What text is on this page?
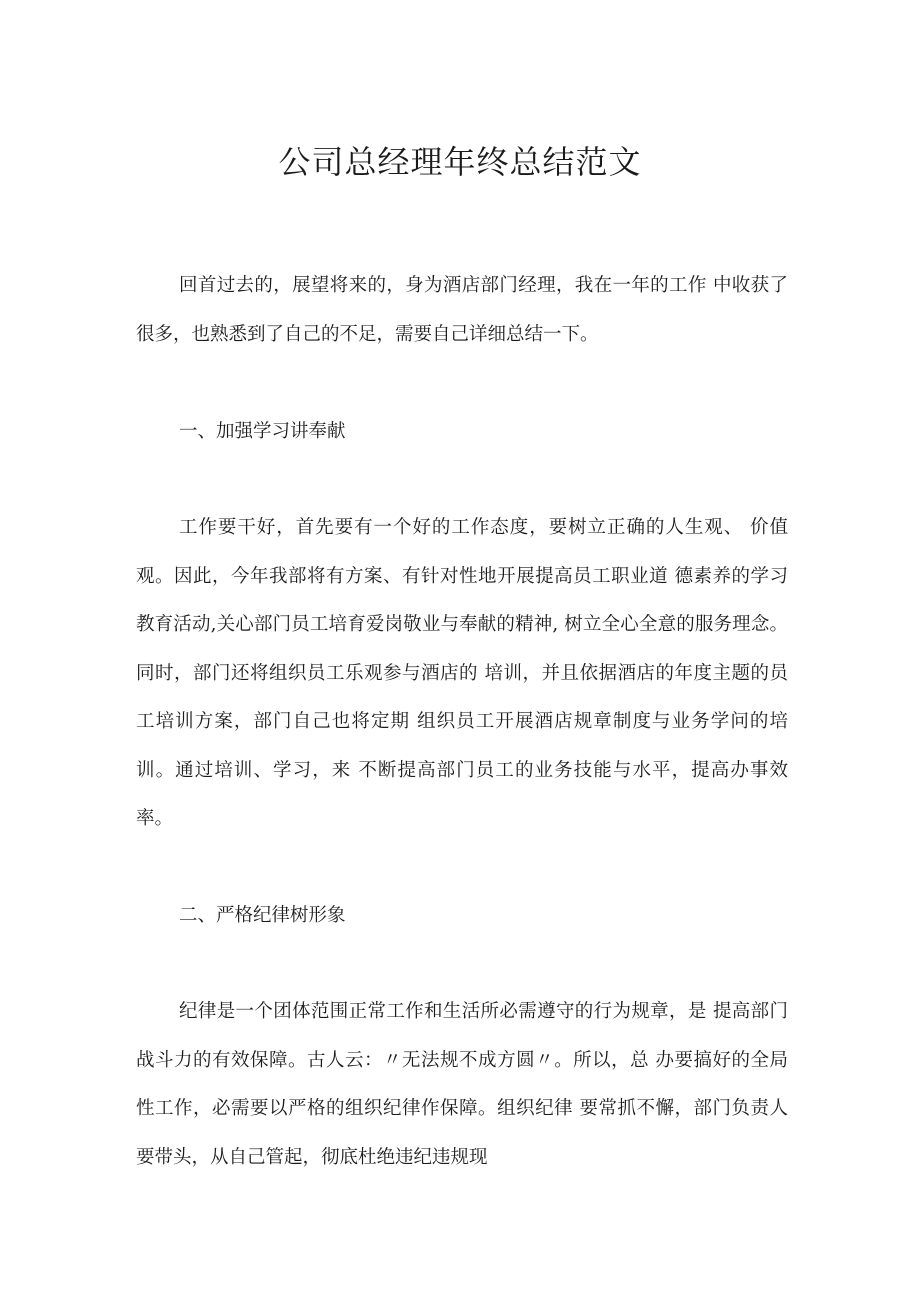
公司总经理年终总结范文
回首过去的，展望将来的，身为酒店部门经理，我在一年的工作 中收获了很多，也熟悉到了自己的不足，需要自己详细总结一下。
一、加强学习讲奉献
工作要干好，首先要有一个好的工作态度，要树立正确的人生观、 价值观。因此，今年我部将有方案、有针对性地开展提高员工职业道 德素养的学习教育活动,关心部门员工培育爱岗敬业与奉献的精神, 树立全心全意的服务理念。同时，部门还将组织员工乐观参与酒店的 培训，并且依据酒店的年度主题的员工培训方案，部门自己也将定期 组织员工开展酒店规章制度与业务学问的培训。通过培训、学习，来 不断提高部门员工的业务技能与水平，提高办事效率。
二、严格纪律树形象
纪律是一个团体范围正常工作和生活所必需遵守的行为规章，是 提高部门战斗力的有效保障。古人云：〃无法规不成方圆〃。所以，总 办要搞好的全局性工作，必需要以严格的组织纪律作保障。组织纪律 要常抓不懈，部门负责人要带头，从自己管起，彻底杜绝违纪违规现
